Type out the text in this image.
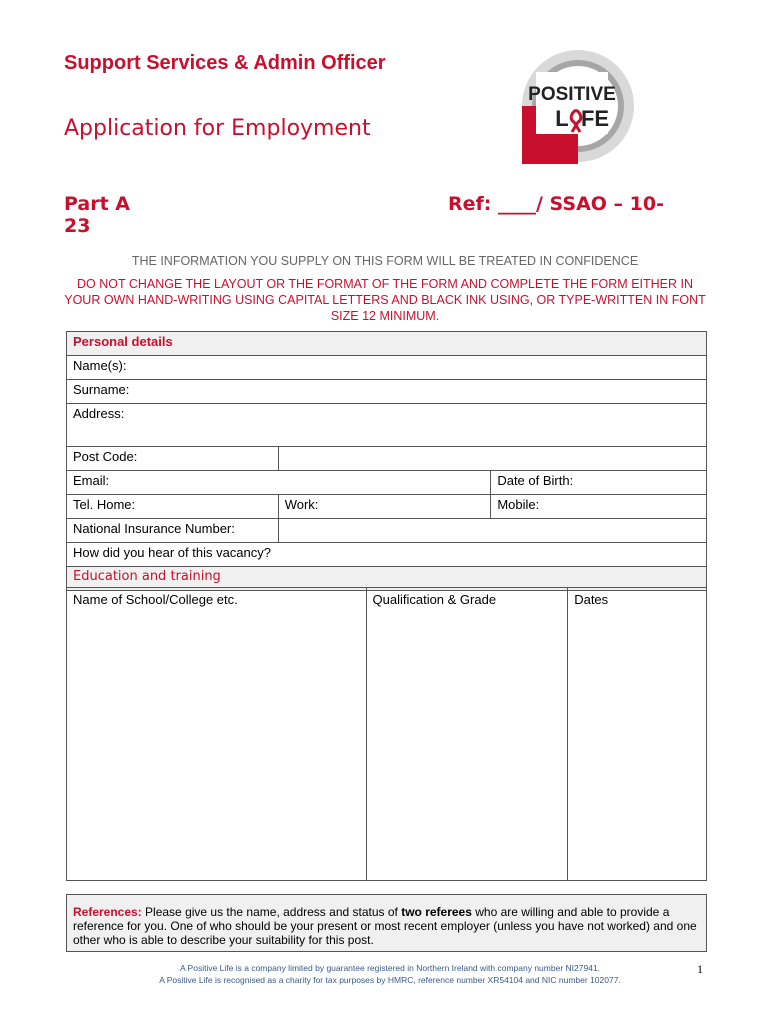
Support Services & Admin Officer
Application for Employment
POSITIVE
L FE
Part A	Ref: ____/ SSAO – 10-
23
THE INFORMATION YOU SUPPLY ON THIS FORM WILL BE TREATED IN CONFIDENCE
DO NOT CHANGE THE LAYOUT OR THE FORMAT OF THE FORM AND COMPLETE THE FORM EITHER IN YOUR OWN HAND-WRITING USING CAPITAL LETTERS AND BLACK INK USING, OR TYPE-WRITTEN IN FONT SIZE 12 MINIMUM.
Personal details		
Name(s):		
Surname:		
Address:		
Post Code:		
Email:		Date of Birth:
Tel. Home:	Work:	Mobile:
National Insurance Number:		
How did you hear of this vacancy?		
Education and training		
Name of School/College etc.	Qualification & Grade	Dates
References: Please give us the name, address and status of two referees who are willing and able to provide a reference for you. One of who should be your present or most recent employer (unless you have not worked) and one other who is able to describe your suitability for this post.
A Positive Life is a company limited by guarantee registered in Northern Ireland with company number NI27941.
A Positive Life is recognised as a charity for tax purposes by HMRC, reference number XR54104 and NIC number 102077.
1
